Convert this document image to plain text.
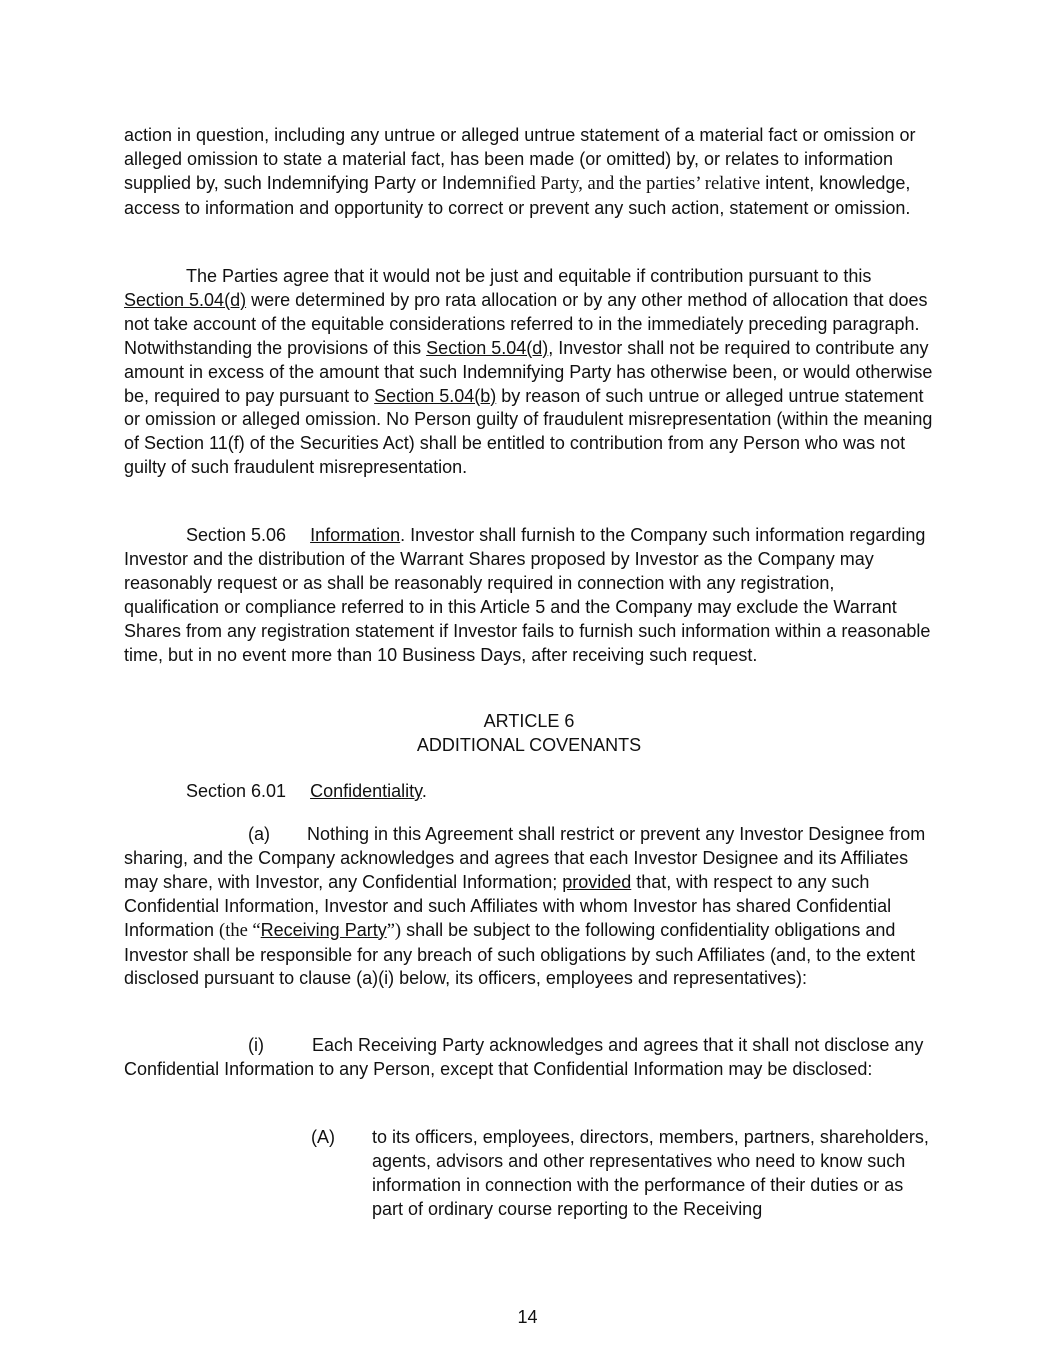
action in question, including any untrue or alleged untrue statement of a material fact or omission or alleged omission to state a material fact, has been made (or omitted) by, or relates to information supplied by, such Indemnifying Party or Indemnified Party, and the parties’ relative intent, knowledge, access to information and opportunity to correct or prevent any such action, statement or omission.

The Parties agree that it would not be just and equitable if contribution pursuant to this Section 5.04(d) were determined by pro rata allocation or by any other method of allocation that does not take account of the equitable considerations referred to in the immediately preceding paragraph. Notwithstanding the provisions of this Section 5.04(d), Investor shall not be required to contribute any amount in excess of the amount that such Indemnifying Party has otherwise been, or would otherwise be, required to pay pursuant to Section 5.04(b) by reason of such untrue or alleged untrue statement or omission or alleged omission. No Person guilty of fraudulent misrepresentation (within the meaning of Section 11(f) of the Securities Act) shall be entitled to contribution from any Person who was not guilty of such fraudulent misrepresentation.

Section 5.06 Information. Investor shall furnish to the Company such information regarding Investor and the distribution of the Warrant Shares proposed by Investor as the Company may reasonably request or as shall be reasonably required in connection with any registration, qualification or compliance referred to in this Article 5 and the Company may exclude the Warrant Shares from any registration statement if Investor fails to furnish such information within a reasonable time, but in no event more than 10 Business Days, after receiving such request.

ARTICLE 6
ADDITIONAL COVENANTS

Section 6.01 Confidentiality.

(a) Nothing in this Agreement shall restrict or prevent any Investor Designee from sharing, and the Company acknowledges and agrees that each Investor Designee and its Affiliates may share, with Investor, any Confidential Information; provided that, with respect to any such Confidential Information, Investor and such Affiliates with whom Investor has shared Confidential Information (the “Receiving Party”) shall be subject to the following confidentiality obligations and Investor shall be responsible for any breach of such obligations by such Affiliates (and, to the extent disclosed pursuant to clause (a)(i) below, its officers, employees and representatives):

(i)	Each Receiving Party acknowledges and agrees that it shall not disclose any Confidential Information to any Person, except that Confidential Information may be disclosed:

(A) to its officers, employees, directors, members, partners, shareholders, agents, advisors and other representatives who need to know such information in connection with the performance of their duties or as part of ordinary course reporting to the Receiving
14
